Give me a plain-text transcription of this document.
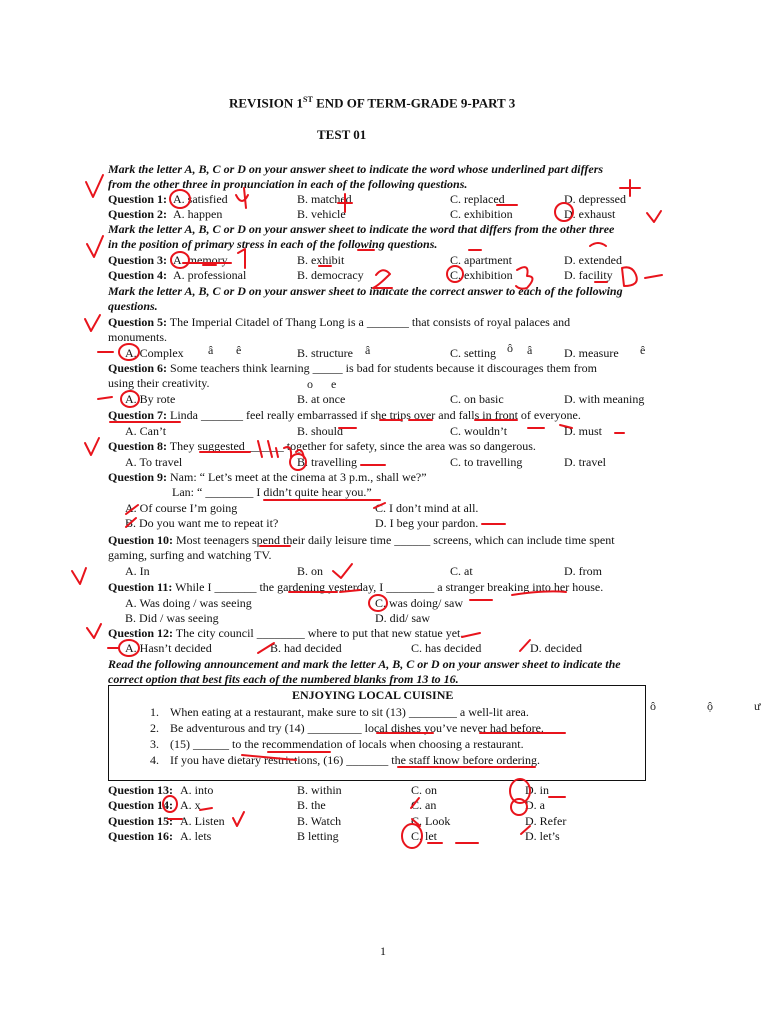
REVISION 1ST END OF TERM-GRADE 9-PART 3
TEST 01
Mark the letter A, B, C or D on your answer sheet to indicate the word whose underlined part differs
from the other three in pronunciation in each of the following questions.
Question 1: A. satisfied	B. matched	C. replaced	D. depressed
Question 2: A. happen	B. vehicle	C. exhibition	D. exhaust
Mark the letter A, B, C or D on your answer sheet to indicate the word that differs from the other three
in the position of primary stress in each of the following questions.
Question 3: A. memory	B. exhibit	C. apartment	D. extended
Question 4: A. professional	B. democracy	C. exhibition	D. facility
Mark the letter A, B, C or D on your answer sheet to indicate the correct answer to each of the following
questions.
Question 5: The Imperial Citadel of Thang Long is a _______ that consists of royal palaces and
monuments.
A. Complex	B. structure	C. setting	D. measure
â ê	â	ô â	ê
Question 6: Some teachers think learning _____ is bad for students because it discourages them from
using their creativity.	o e
A. By rote	B. at once	C. on basic	D. with meaning
Question 7: Linda _______ feel really embarrassed if she trips over and falls in front of everyone.
A. Can’t	B. should	C. wouldn’t	D. must
Question 8: They suggested ______ together for safety, since the area was so dangerous.
A. To travel	B. travelling	C. to travelling	D. travel
Question 9: Nam: “ Let’s meet at the cinema at 3 p.m., shall we?”
Lan: “ ________ I didn’t quite hear you.”
A. Of course I’m going	C. I don’t mind at all.
B. Do you want me to repeat it?	D. I beg your pardon.
Question 10: Most teenagers spend their daily leisure time ______ screens, which can include time spent
gaming, surfing and watching TV.
A. In	B. on	C. at	D. from
Question 11: While I _______ the gardening yesterday, I ________ a stranger breaking into her house.
A. Was doing / was seeing	C. was doing/ saw
B. Did / was seeing	D. did/ saw
Question 12: The city council ________ where to put that new statue yet.
A. Hasn’t decided	B. had decided	C. has decided	D. decided
Read the following announcement and mark the letter A, B, C or D on your answer sheet to indicate the
correct option that best fits each of the numbered blanks from 13 to 16.
ENJOYING LOCAL CUISINE
1. When eating at a restaurant, make sure to sit (13) ________ a well-lit area.
2. Be adventurous and try (14) _________ local dishes you’ve never had before.
3. (15) ______ to the recommendation of locals when choosing a restaurant.
4. If you have dietary restrictions, (16) _______ the staff know before ordering.
ô	ộ	ư
Question 13: A. into	B. within	C. on	D. in
Question 14: A. x	B. the	C. an	D. a
Question 15: A. Listen	B. Watch	C. Look	D. Refer
Question 16: A. lets	B letting	C. let	D. let’s
1
